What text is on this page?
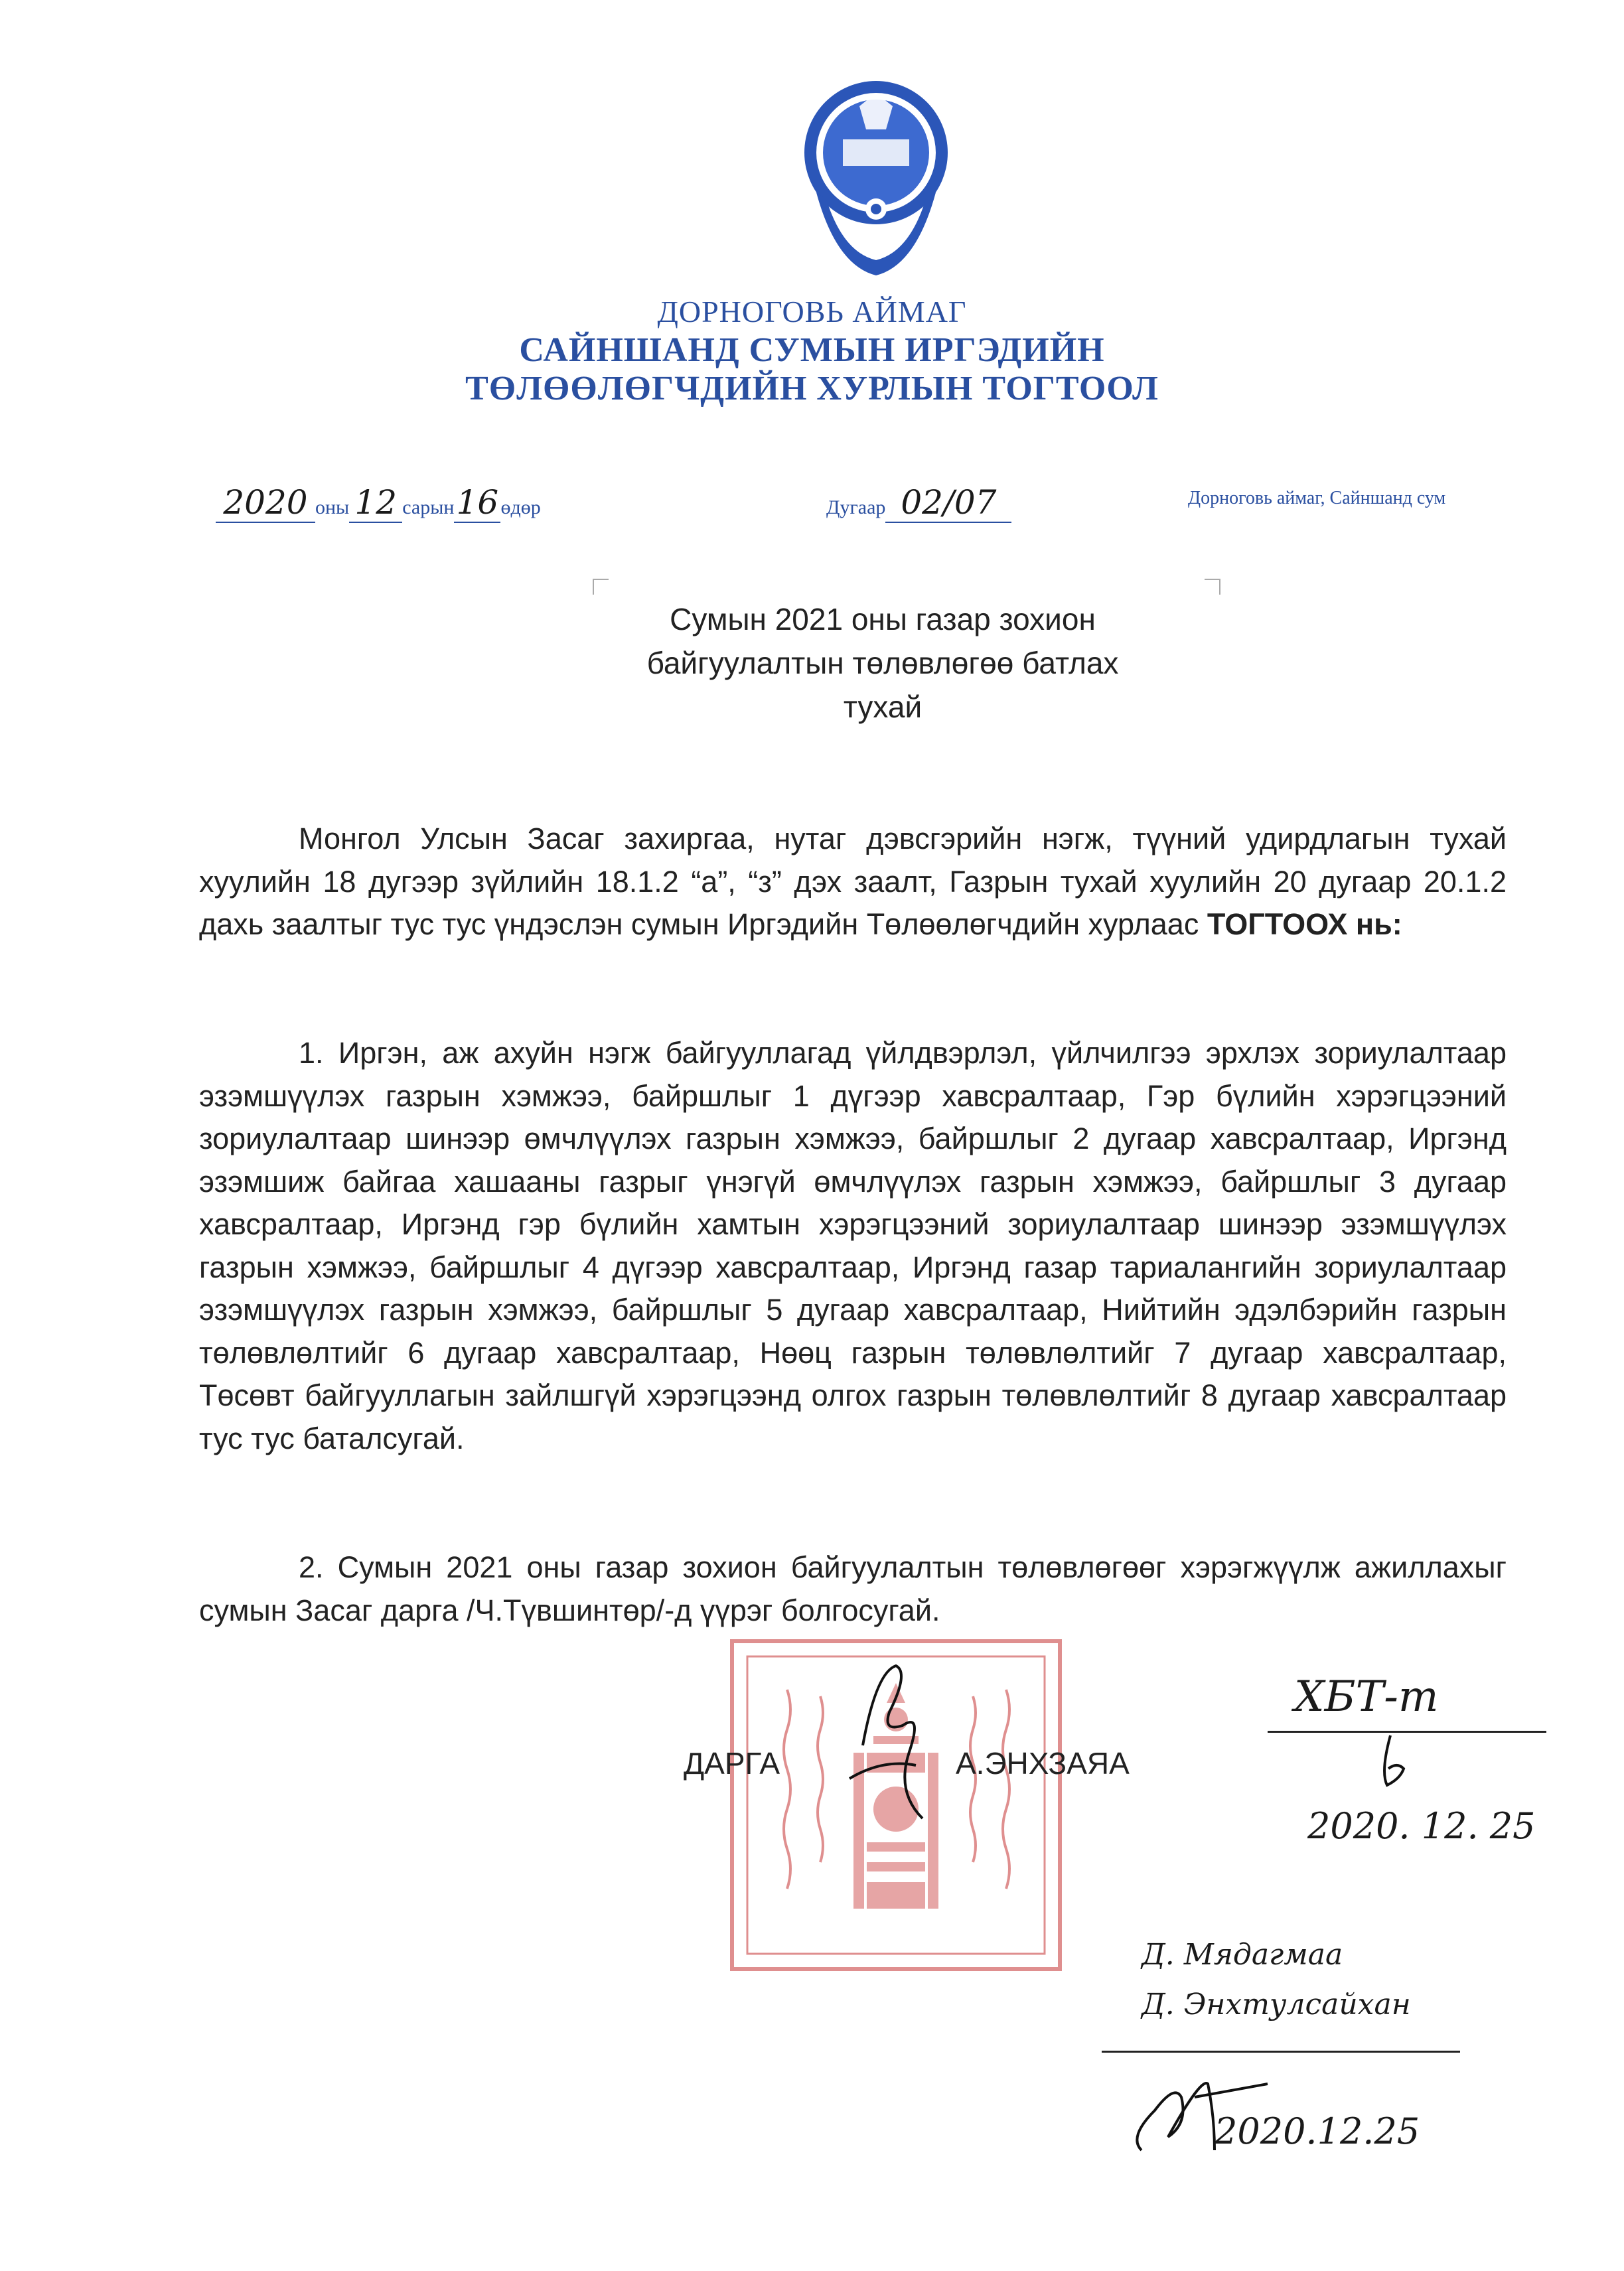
ДОРНОГОВЬ АЙМАГ
САЙНШАНД СУМЫН ИРГЭДИЙН
ТӨЛӨӨЛӨГЧДИЙН ХУРЛЫН ТОГТООЛ
2020 оны 12 сарын16 өдөр	Дугаар 02/07	Дорноговь аймаг, Сайншанд сум
Сумын 2021 оны газар зохион
байгуулалтын төлөвлөгөө батлах
тухай
Монгол Улсын Засаг захиргаа, нутаг дэвсгэрийн нэгж, түүний удирдлагын тухай хуулийн 18 дугээр зүйлийн 18.1.2 “а”, “з” дэх заалт, Газрын тухай хуулийн 20 дугаар 20.1.2 дахь заалтыг тус тус үндэслэн сумын Иргэдийн Төлөөлөгчдийн хурлаас ТОГТООХ нь:
1. Иргэн, аж ахуйн нэгж байгууллагад үйлдвэрлэл, үйлчилгээ эрхлэх зориулалтаар эзэмшүүлэх газрын хэмжээ, байршлыг 1 дүгээр хавсралтаар, Гэр бүлийн хэрэгцээний зориулалтаар шинээр өмчлүүлэх газрын хэмжээ, байршлыг 2 дугаар хавсралтаар, Иргэнд эзэмшиж байгаа хашааны газрыг үнэгүй өмчлүүлэх газрын хэмжээ, байршлыг 3 дугаар хавсралтаар, Иргэнд гэр бүлийн хамтын хэрэгцээний зориулалтаар шинээр эзэмшүүлэх газрын хэмжээ, байршлыг 4 дүгээр хавсралтаар, Иргэнд газар тариалангийн зориулалтаар эзэмшүүлэх газрын хэмжээ, байршлыг 5 дугаар хавсралтаар, Нийтийн эдэлбэрийн газрын төлөвлөлтийг 6 дугаар хавсралтаар, Нөөц газрын төлөвлөлтийг 7 дугаар хавсралтаар, Төсөвт байгууллагын зайлшгүй хэрэгцээнд олгох газрын төлөвлөлтийг 8 дугаар хавсралтаар тус тус баталсугай.
2. Сумын 2021 оны газар зохион байгуулалтын төлөвлөгөөг хэрэгжүүлж ажиллахыг сумын Засаг дарга /Ч.Түвшинтөр/-д үүрэг болгосугай.
ДАРГА	А.ЭНХЗАЯА
ХБТ-т
2020. 12. 25
Д. Мядагмаа
Д. Энхтулсайхан
2020.12.25
